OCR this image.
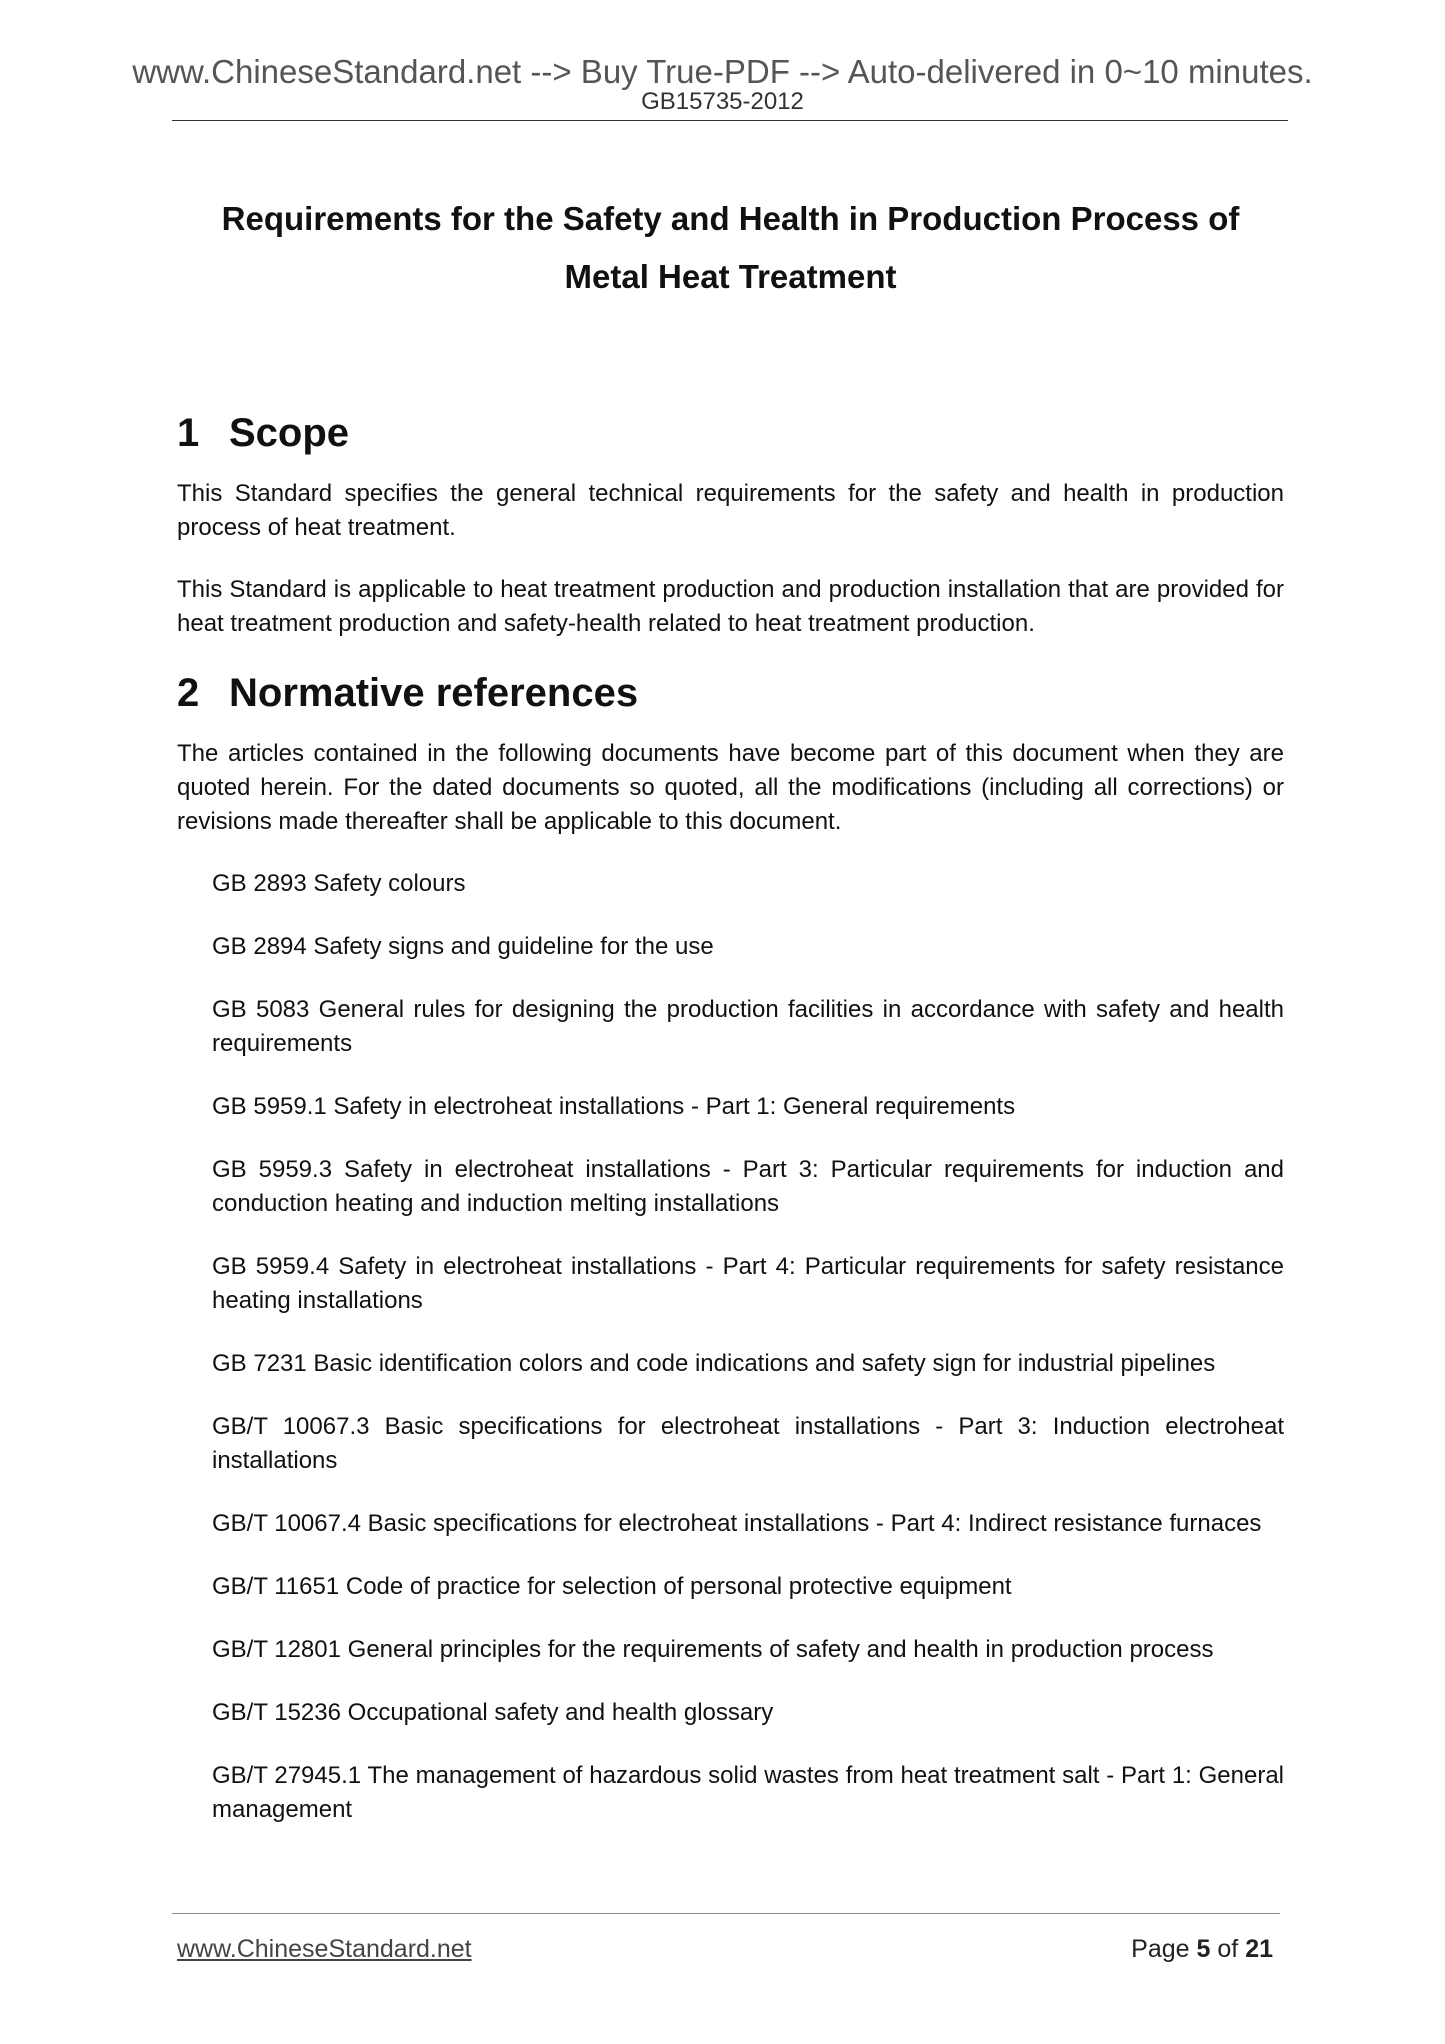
www.ChineseStandard.net --> Buy True-PDF --> Auto-delivered in 0~10 minutes.
GB15735-2012
Requirements for the Safety and Health in Production Process of
Metal Heat Treatment
1 Scope

This Standard specifies the general technical requirements for the safety and health in production process of heat treatment.

This Standard is applicable to heat treatment production and production installation that are provided for heat treatment production and safety-health related to heat treatment production.

2 Normative references

The articles contained in the following documents have become part of this document when they are quoted herein. For the dated documents so quoted, all the modifications (including all corrections) or revisions made thereafter shall be applicable to this document.

GB 2893 Safety colours
GB 2894 Safety signs and guideline for the use
GB 5083 General rules for designing the production facilities in accordance with safety and health requirements
GB 5959.1 Safety in electroheat installations - Part 1: General requirements
GB 5959.3 Safety in electroheat installations - Part 3: Particular requirements for induction and conduction heating and induction melting installations
GB 5959.4 Safety in electroheat installations - Part 4: Particular requirements for safety resistance heating installations
GB 7231 Basic identification colors and code indications and safety sign for industrial pipelines
GB/T 10067.3 Basic specifications for electroheat installations - Part 3: Induction electroheat installations
GB/T 10067.4 Basic specifications for electroheat installations - Part 4: Indirect resistance furnaces
GB/T 11651 Code of practice for selection of personal protective equipment
GB/T 12801 General principles for the requirements of safety and health in production process
GB/T 15236 Occupational safety and health glossary
GB/T 27945.1 The management of hazardous solid wastes from heat treatment salt - Part 1: General management
www.ChineseStandard.net	Page 5 of 21
